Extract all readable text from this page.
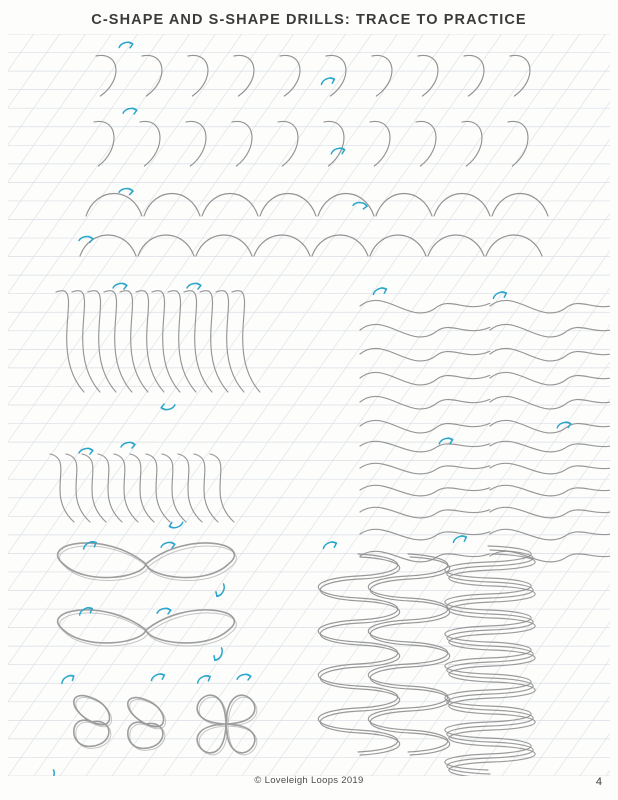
C-SHAPE AND S-SHAPE DRILLS: TRACE TO PRACTICE
© Loveleigh Loops 2019	4
